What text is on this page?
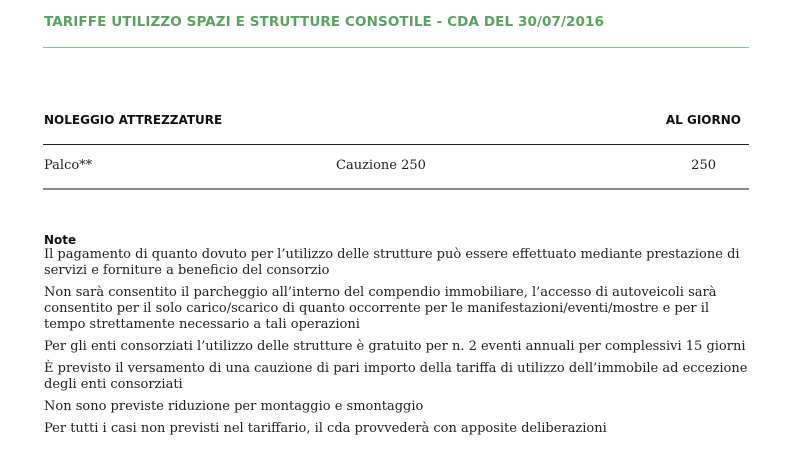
TARIFFE UTILIZZO SPAZI E STRUTTURE CONSOTILE - CDA DEL 30/07/2016
NOLEGGIO ATTREZZATURE	AL GIORNO
Palco**	Cauzione 250	250
Note

Il pagamento di quanto dovuto per l’utilizzo delle strutture può essere effettuato mediante prestazione di servizi e forniture a beneficio del consorzio

Non sarà consentito il parcheggio all’interno del compendio immobiliare, l’accesso di autoveicoli sarà consentito per il solo carico/scarico di quanto occorrente per le manifestazioni/eventi/mostre e per il tempo strettamente necessario a tali operazioni

Per gli enti consorziati l’utilizzo delle strutture è gratuito per n. 2 eventi annuali per complessivi 15 giorni

È previsto il versamento di una cauzione di pari importo della tariffa di utilizzo dell’immobile ad eccezione degli enti consorziati

Non sono previste riduzione per montaggio e smontaggio

Per tutti i casi non previsti nel tariffario, il cda provvederà con apposite deliberazioni
